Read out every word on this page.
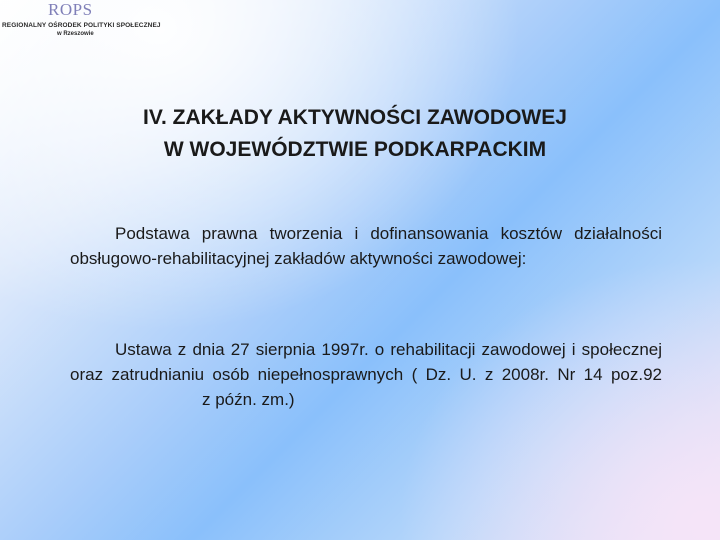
ROPS
REGIONALNY OŚRODEK POLITYKI SPOŁECZNEJ
w Rzeszowie
IV. ZAKŁADY AKTYWNOŚCI ZAWODOWEJ
W WOJEWÓDZTWIE PODKARPACKIM
Podstawa prawna tworzenia i dofinansowania kosztów działalności obsługowo-rehabilitacyjnej zakładów aktywności zawodowej:
Ustawa z dnia 27 sierpnia 1997r. o rehabilitacji zawodowej i społecznej oraz zatrudnianiu osób niepełnosprawnych ( Dz. U. z 2008r. Nr 14 poz.92z późn. zm.)
